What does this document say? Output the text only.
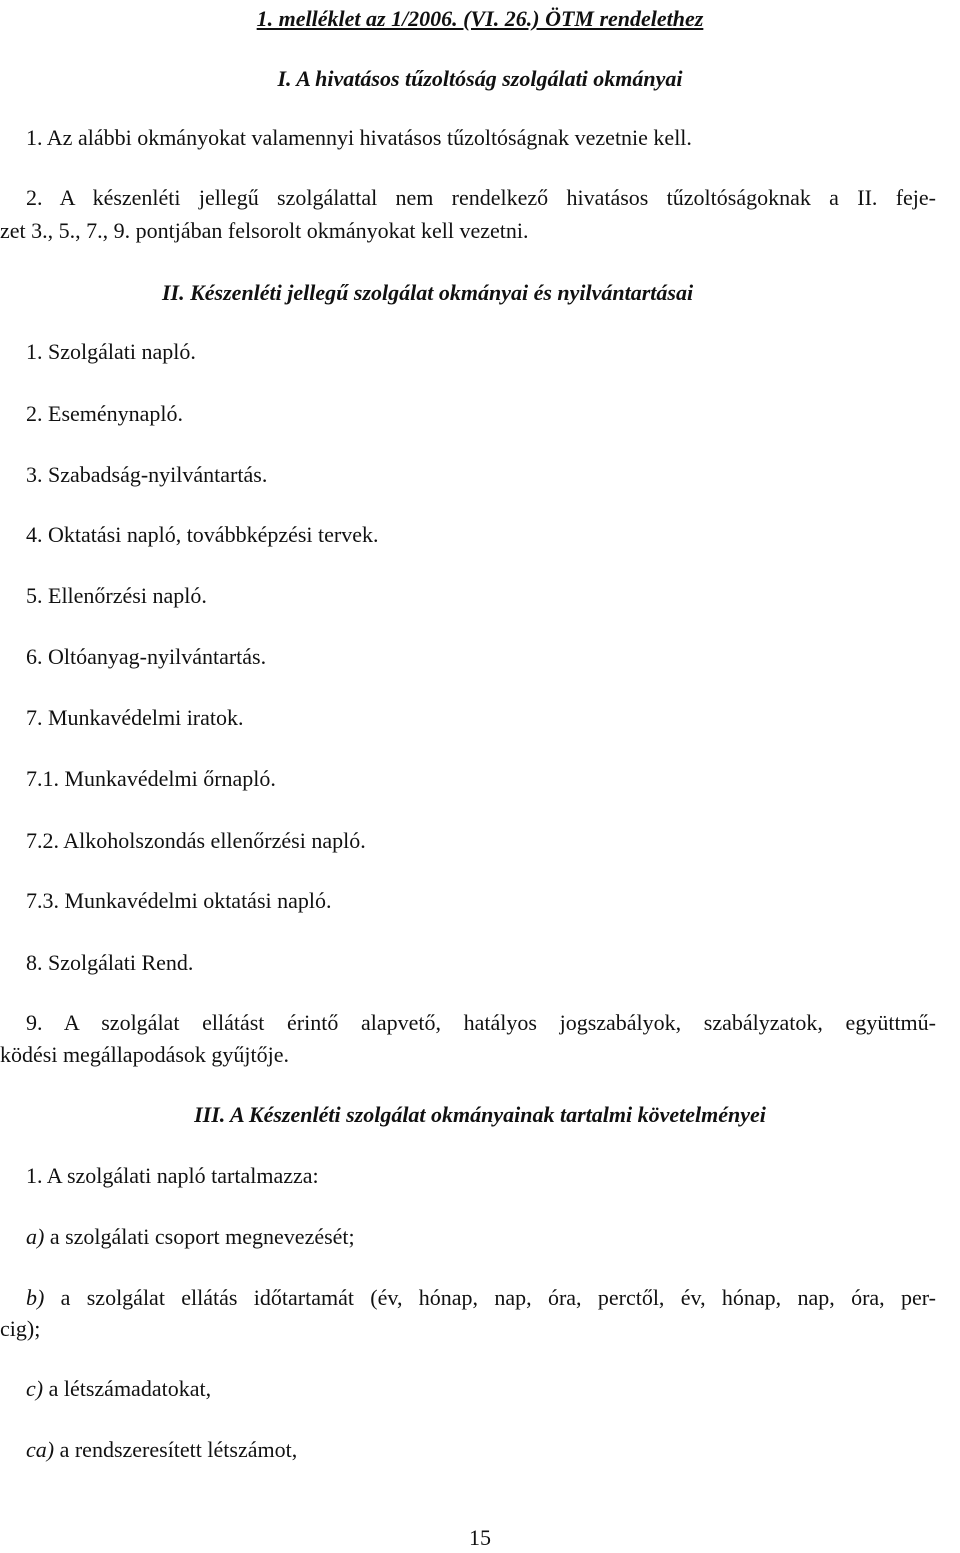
1. melléklet az 1/2006. (VI. 26.) ÖTM rendelethez
I. A hivatásos tűzoltóság szolgálati okmányai
1. Az alábbi okmányokat valamennyi hivatásos tűzoltóságnak vezetnie kell.
2. A készenléti jellegű szolgálattal nem rendelkező hivatásos tűzoltóságoknak a II. feje-
zet 3., 5., 7., 9. pontjában felsorolt okmányokat kell vezetni.
II. Készenléti jellegű szolgálat okmányai és nyilvántartásai
1. Szolgálati napló.
2. Eseménynapló.
3. Szabadság-nyilvántartás.
4. Oktatási napló, továbbképzési tervek.
5. Ellenőrzési napló.
6. Oltóanyag-nyilvántartás.
7. Munkavédelmi iratok.
7.1. Munkavédelmi őrnapló.
7.2. Alkoholszondás ellenőrzési napló.
7.3. Munkavédelmi oktatási napló.
8. Szolgálati Rend.
9. A szolgálat ellátást érintő alapvető, hatályos jogszabályok, szabályzatok, együttmű-
ködési megállapodások gyűjtője.
III. A Készenléti szolgálat okmányainak tartalmi követelményei
1. A szolgálati napló tartalmazza:
a) a szolgálati csoport megnevezését;
b) a szolgálat ellátás időtartamát (év, hónap, nap, óra, perctől, év, hónap, nap, óra, per-
cig);
c) a létszámadatokat,
ca) a rendszeresített létszámot,
15
